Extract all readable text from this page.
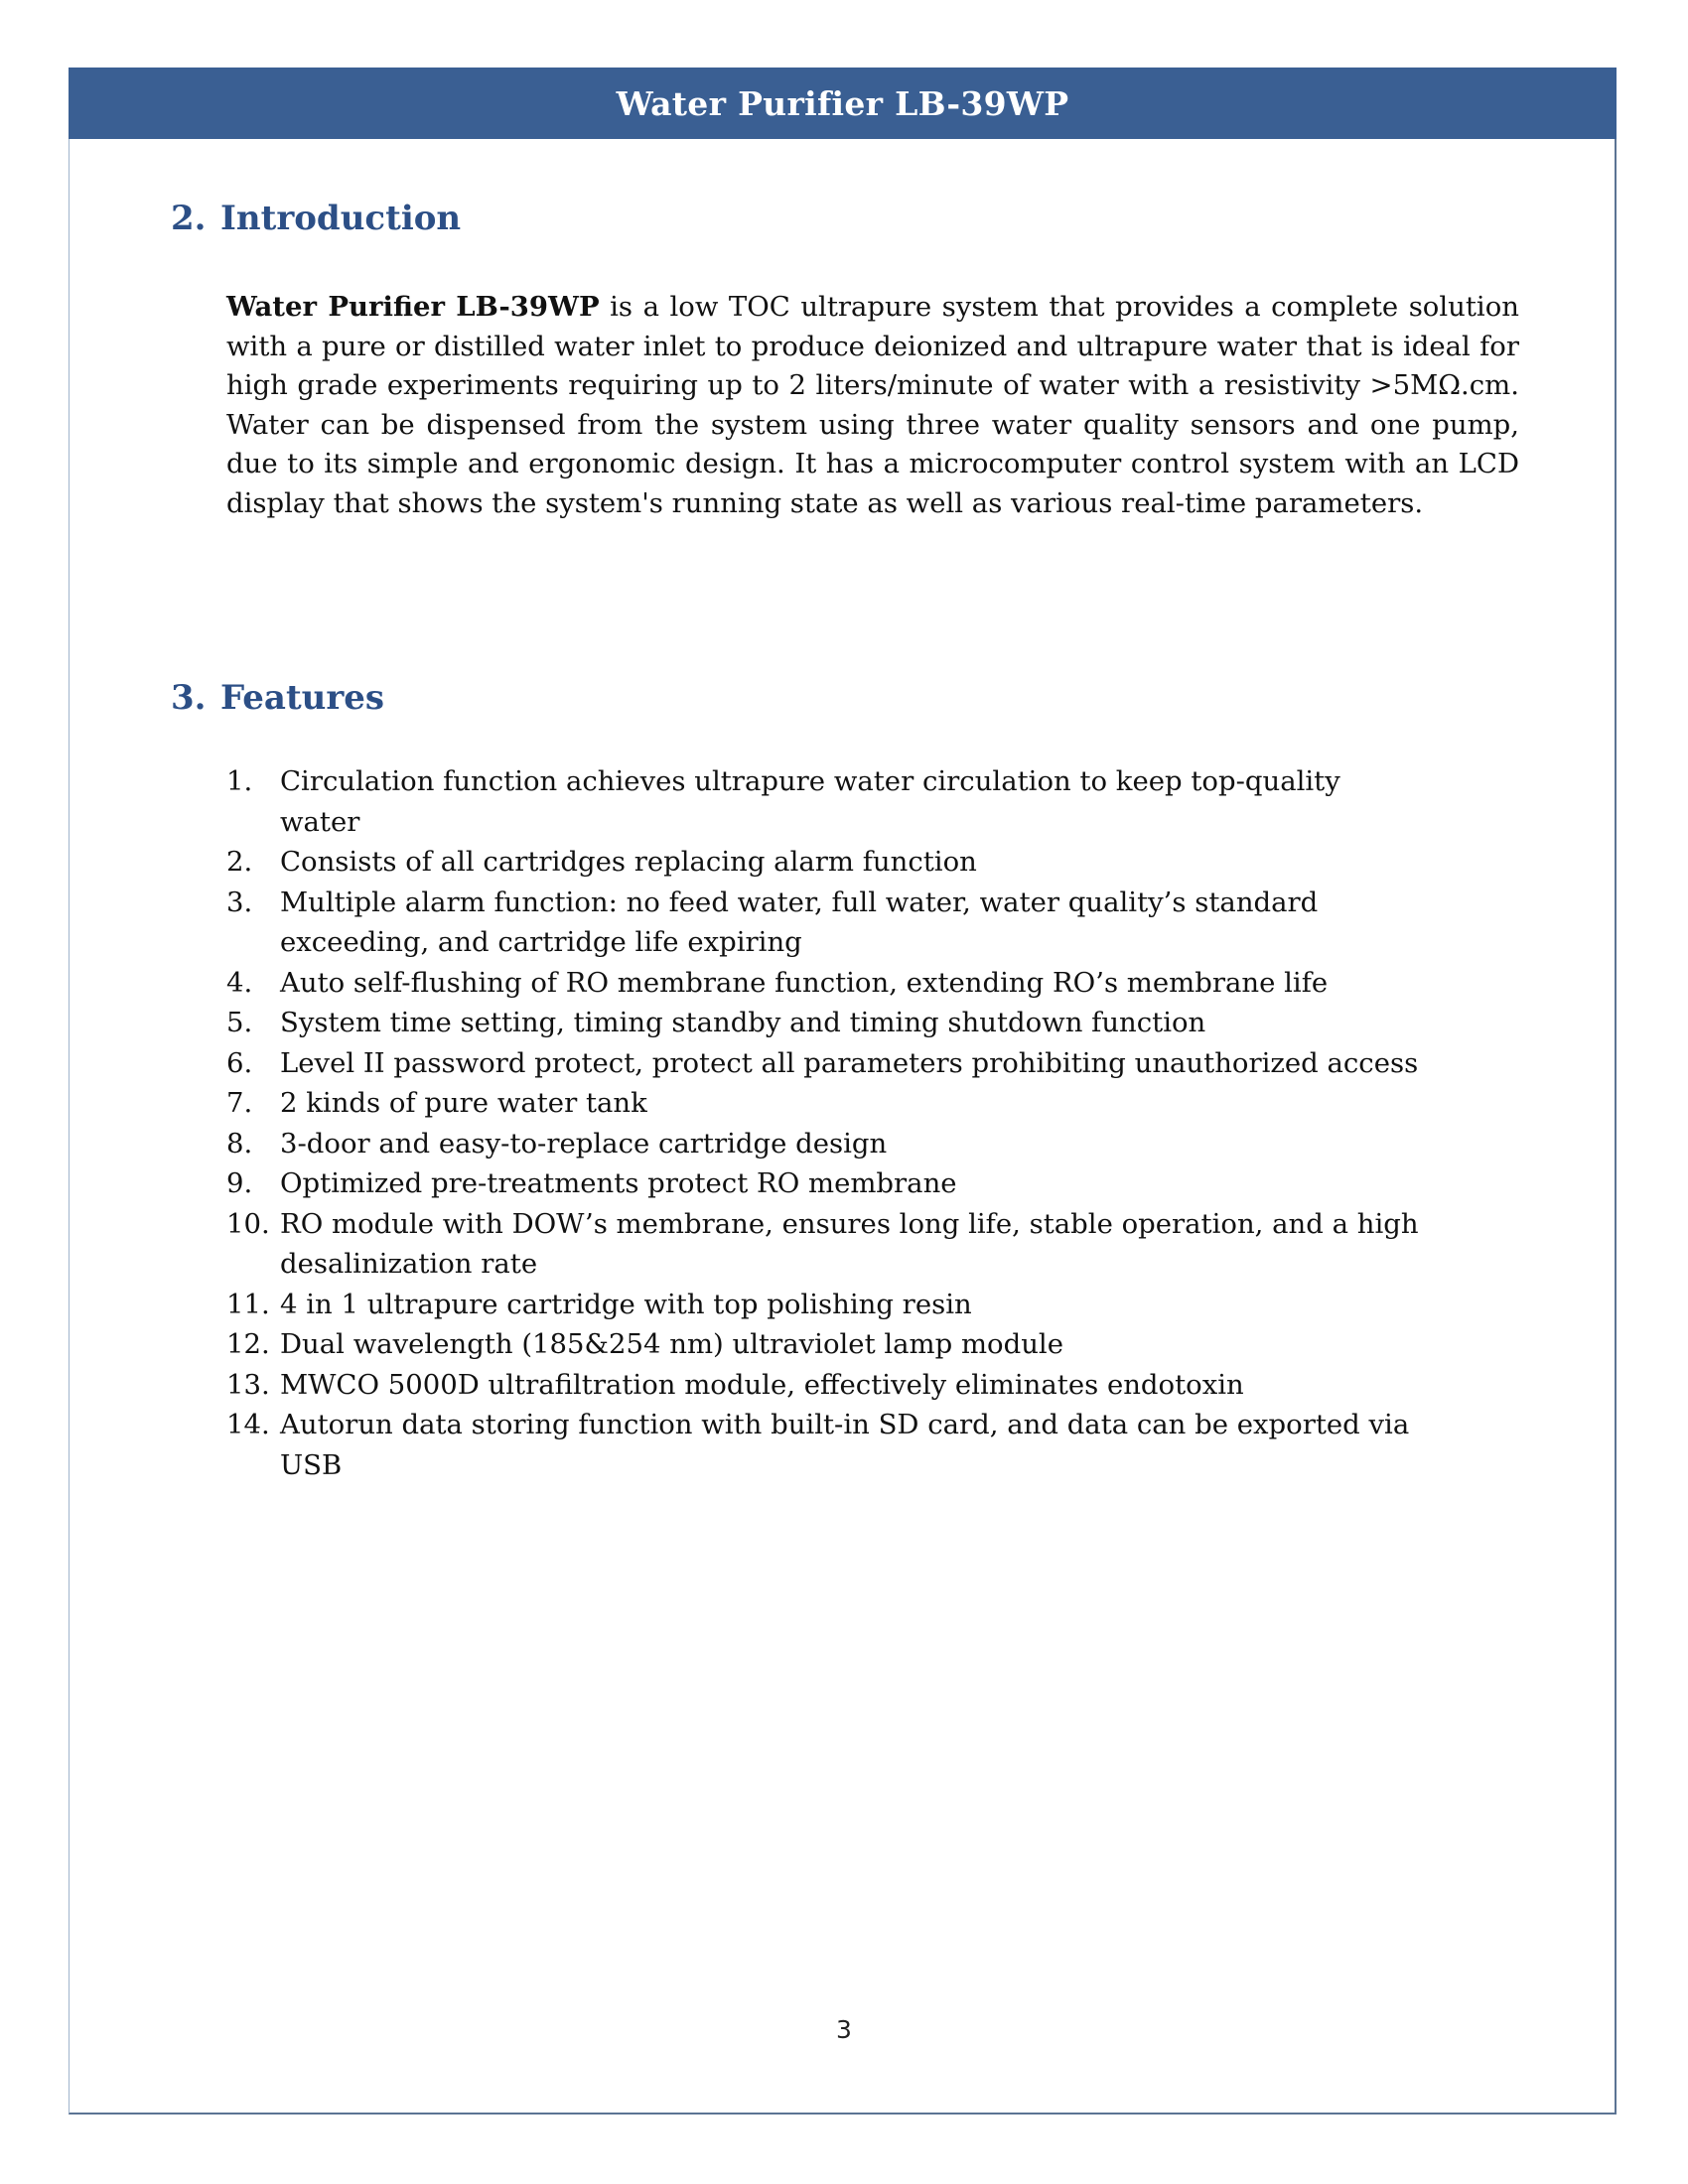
Water Purifier LB-39WP
2. Introduction

Water Purifier LB-39WP is a low TOC ultrapure system that provides a complete solution with a pure or distilled water inlet to produce deionized and ultrapure water that is ideal for high grade experiments requiring up to 2 liters/minute of water with a resistivity >5MΩ.cm. Water can be dispensed from the system using three water quality sensors and one pump, due to its simple and ergonomic design. It has a microcomputer control system with an LCD display that shows the system's running state as well as various real-time parameters.

3. Features
1.	Circulation function achieves ultrapure water circulation to keep top-quality water
2.	Consists of all cartridges replacing alarm function
3.	Multiple alarm function: no feed water, full water, water quality’s standard exceeding, and cartridge life expiring
4.	Auto self-flushing of RO membrane function, extending RO’s membrane life
5.	System time setting, timing standby and timing shutdown function
6.	Level II password protect, protect all parameters prohibiting unauthorized access
7.	2 kinds of pure water tank
8.	3-door and easy-to-replace cartridge design
9.	Optimized pre-treatments protect RO membrane
10. RO module with DOW’s membrane, ensures long life, stable operation, and a high desalinization rate
11. 4 in 1 ultrapure cartridge with top polishing resin
12. Dual wavelength (185&254 nm) ultraviolet lamp module
13. MWCO 5000D ultrafiltration module, effectively eliminates endotoxin
14. Autorun data storing function with built-in SD card, and data can be exported via USB
3
